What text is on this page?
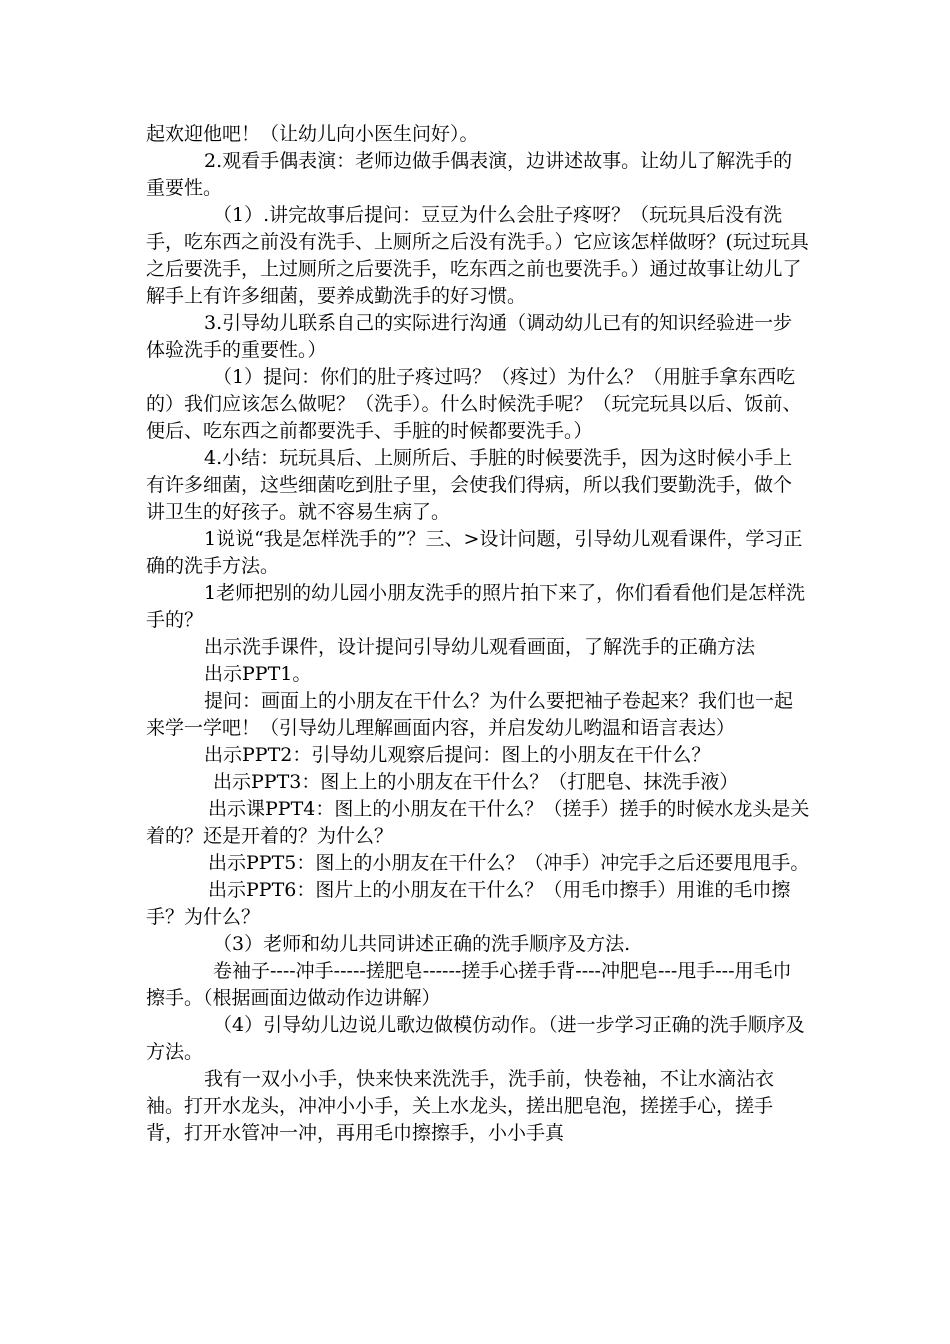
起欢迎他吧！（让幼儿向小医生问好）。

2.观看手偶表演：老师边做手偶表演，边讲述故事。让幼儿了解洗手的重要性。

（1）.讲完故事后提问：豆豆为什么会肚子疼呀？（玩玩具后没有洗手，吃东西之前没有洗手、上厕所之后没有洗手。）它应该怎样做呀？(玩过玩具之后要洗手，上过厕所之后要洗手，吃东西之前也要洗手。）通过故事让幼儿了解手上有许多细菌，要养成勤洗手的好习惯。

3.引导幼儿联系自己的实际进行沟通（调动幼儿已有的知识经验进一步体验洗手的重要性。）

（1）提问：你们的肚子疼过吗？（疼过）为什么？（用脏手拿东西吃的）我们应该怎么做呢？（洗手）。什么时候洗手呢？（玩完玩具以后、饭前、便后、吃东西之前都要洗手、手脏的时候都要洗手。）

4.小结：玩玩具后、上厕所后、手脏的时候要洗手，因为这时候小手上有许多细菌，这些细菌吃到肚子里，会使我们得病，所以我们要勤洗手，做个讲卫生的好孩子。就不容易生病了。

1说说“我是怎样洗手的”？三、>设计问题，引导幼儿观看课件，学习正确的洗手方法。

1老师把别的幼儿园小朋友洗手的照片拍下来了，你们看看他们是怎样洗手的？

出示洗手课件，设计提问引导幼儿观看画面，了解洗手的正确方法

出示PPT1。

提问：画面上的小朋友在干什么？为什么要把袖子卷起来？我们也一起来学一学吧！（引导幼儿理解画面内容，并启发幼儿哟温和语言表达）

出示PPT2：引导幼儿观察后提问：图上的小朋友在干什么？

出示PPT3：图上上的小朋友在干什么？（打肥皂、抹洗手液）

出示课PPT4：图上的小朋友在干什么？（搓手）搓手的时候水龙头是关着的？还是开着的？为什么？

出示PPT5：图上的小朋友在干什么？（冲手）冲完手之后还要甩甩手。

出示PPT6：图片上的小朋友在干什么？（用毛巾擦手）用谁的毛巾擦手？为什么？

（3）老师和幼儿共同讲述正确的洗手顺序及方法.

卷袖子----冲手-----搓肥皂------搓手心搓手背----冲肥皂---甩手---用毛巾擦手。（根据画面边做动作边讲解）

（4）引导幼儿边说儿歌边做模仿动作。（进一步学习正确的洗手顺序及方法。

我有一双小小手，快来快来洗洗手，洗手前，快卷袖，不让水滴沾衣袖。打开水龙头，冲冲小小手，关上水龙头，搓出肥皂泡，搓搓手心，搓手背，打开水管冲一冲，再用毛巾擦擦手，小小手真
